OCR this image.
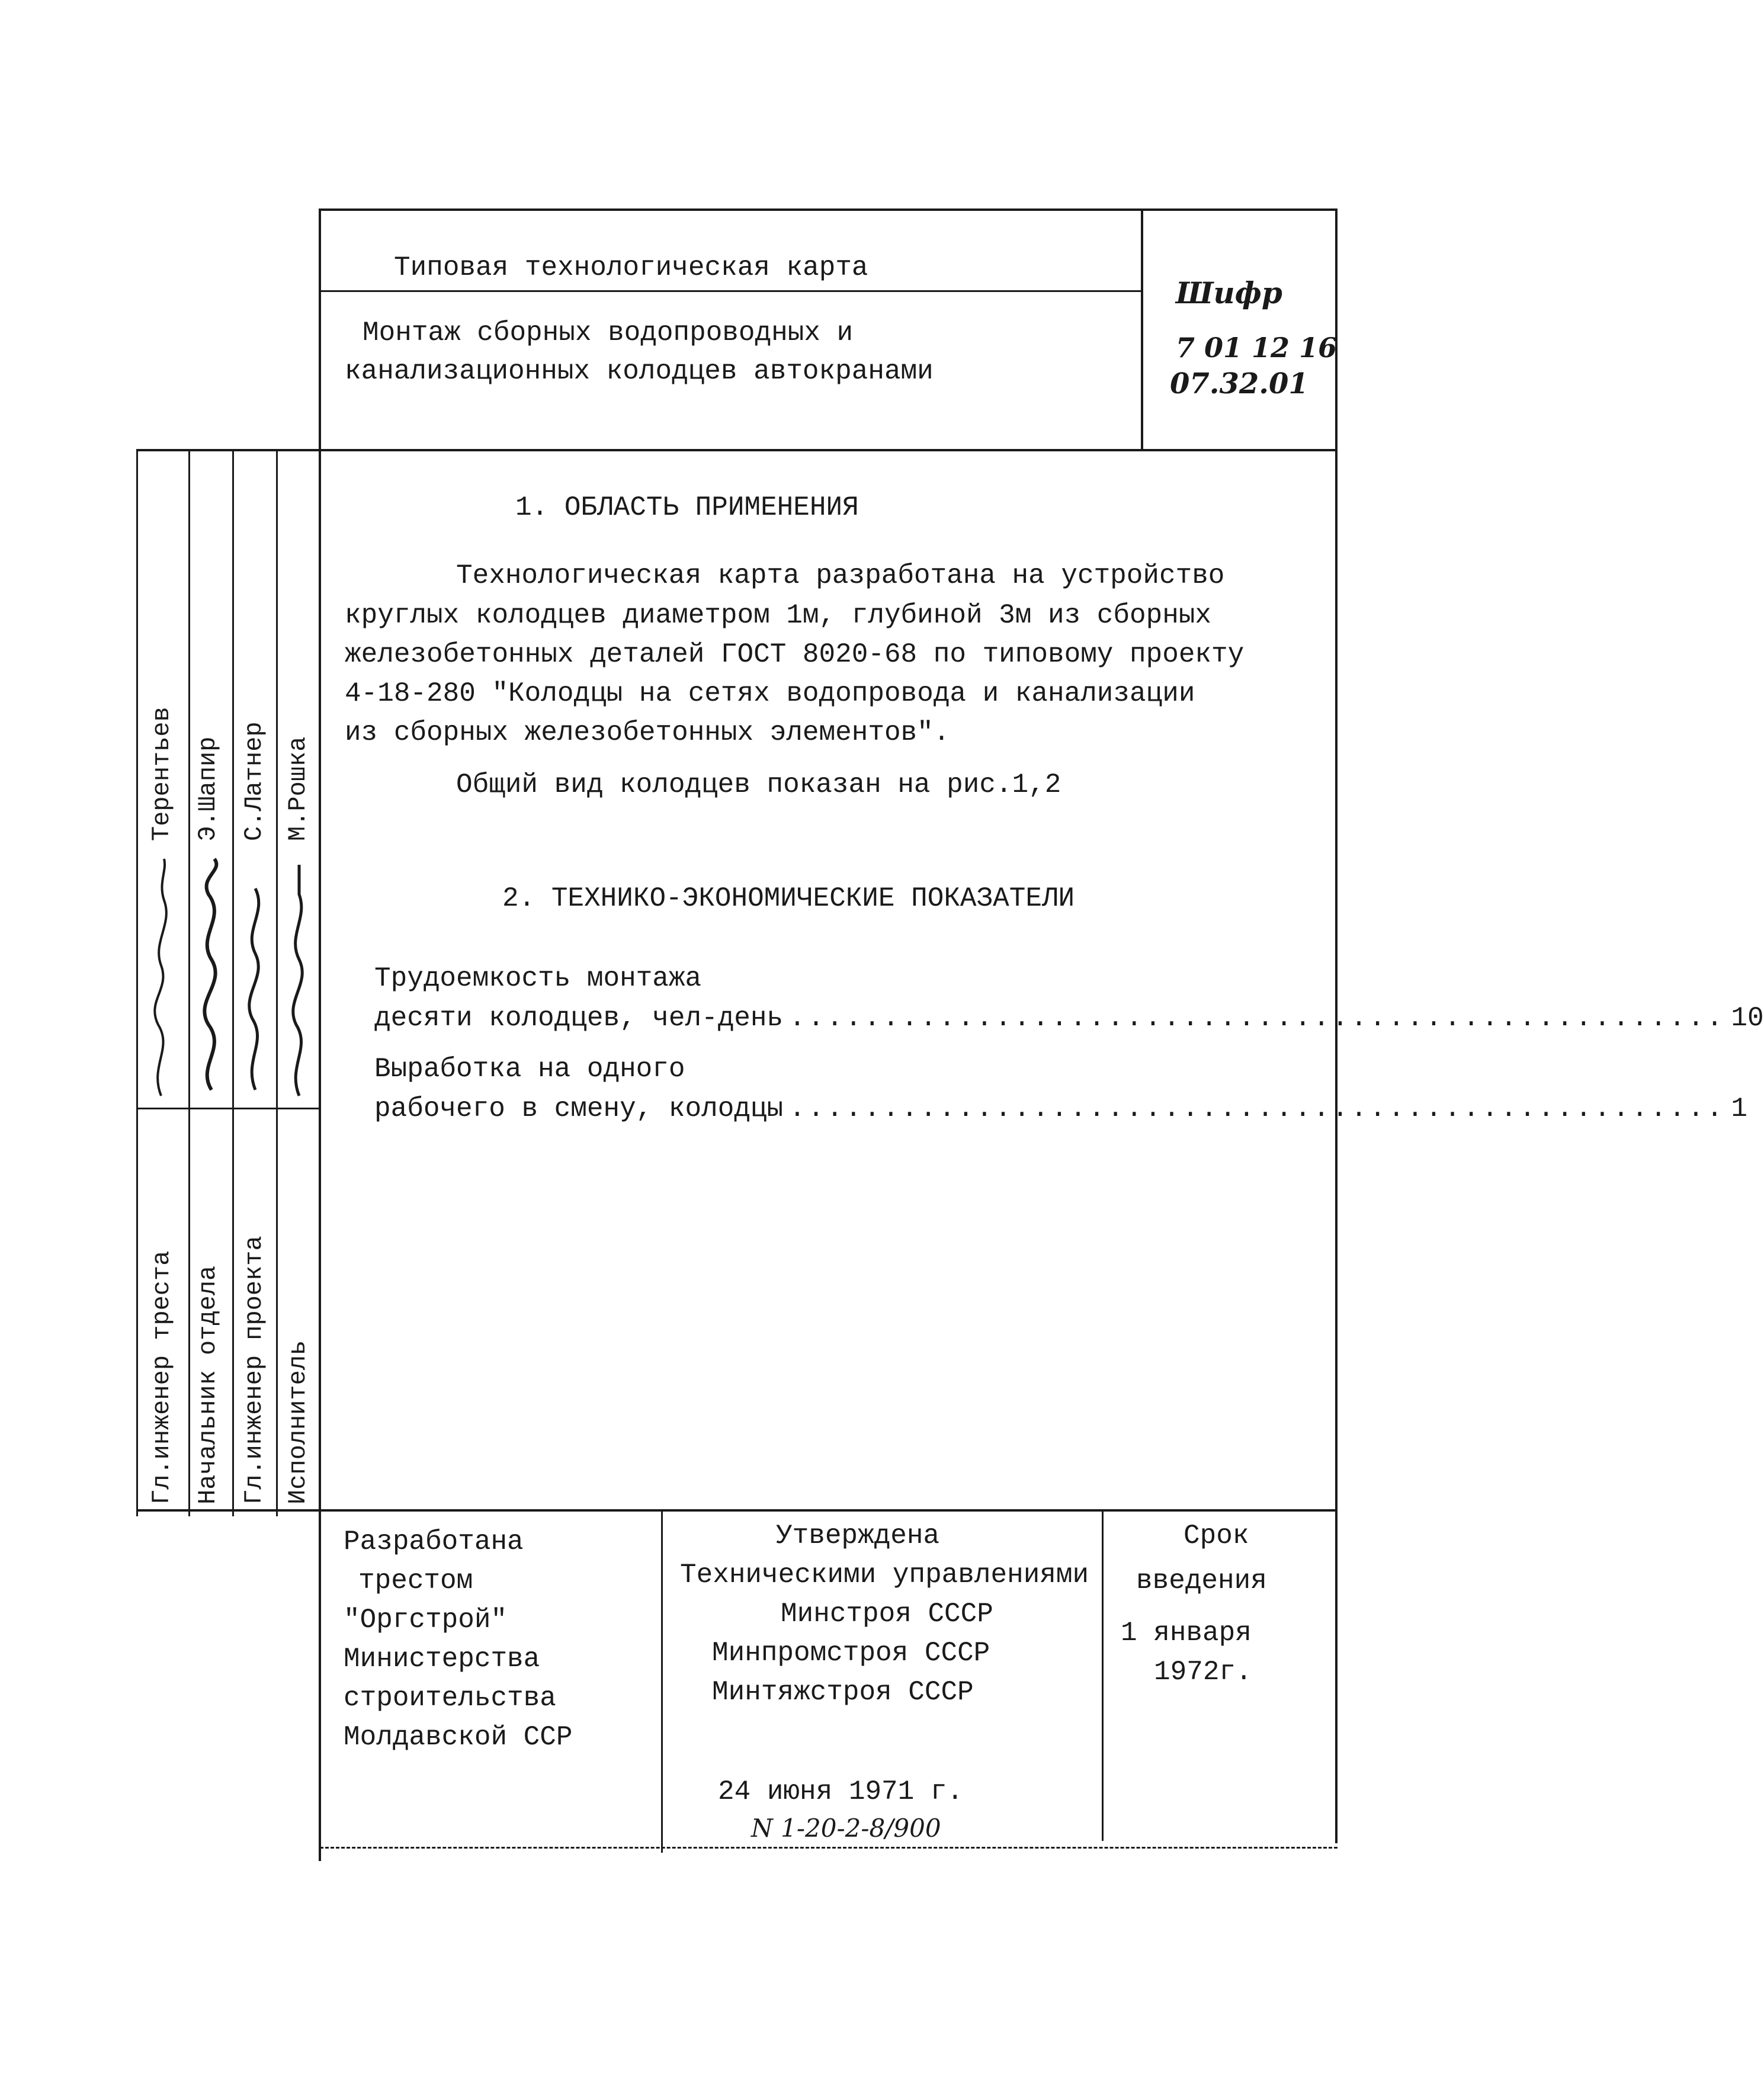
Типовая технологическая карта
Монтаж сборных водопроводных и
канализационных колодцев автокранами
Шифр
7 01 12 16
07.32.01
Гл.инженер треста Начальник отдела Гл.инженер проекта Исполнитель
Терентьев Э.Шапир С.Латнер М.Рошка
1. ОБЛАСТЬ ПРИМЕНЕНИЯ
Технологическая карта разработана на устройство
круглых колодцев диаметром 1м, глубиной 3м из сборных
железобетонных деталей ГОСТ 8020-68 по типовому проекту
4-18-280 "Колодцы на сетях водопровода и канализации
из сборных железобетонных элементов".
Общий вид колодцев показан на рис.1,2
2. ТЕХНИКО-ЭКОНОМИЧЕСКИЕ ПОКАЗАТЕЛИ
Трудоемкость монтажа
десяти колодцев, чел-день .................................................. 10
Выработка на одного
рабочего в смену, колодцы .................................................. 1
Разработана
трестом
"Оргстрой"
Министерства
строительства
Молдавской ССР
Утверждена
Техническими управлениями
Минстроя СССР
Минпромстроя СССР
Минтяжстроя СССР
24 июня 1971 г.
N 1-20-2-8/900
Срок
введения
1 января
1972г.
